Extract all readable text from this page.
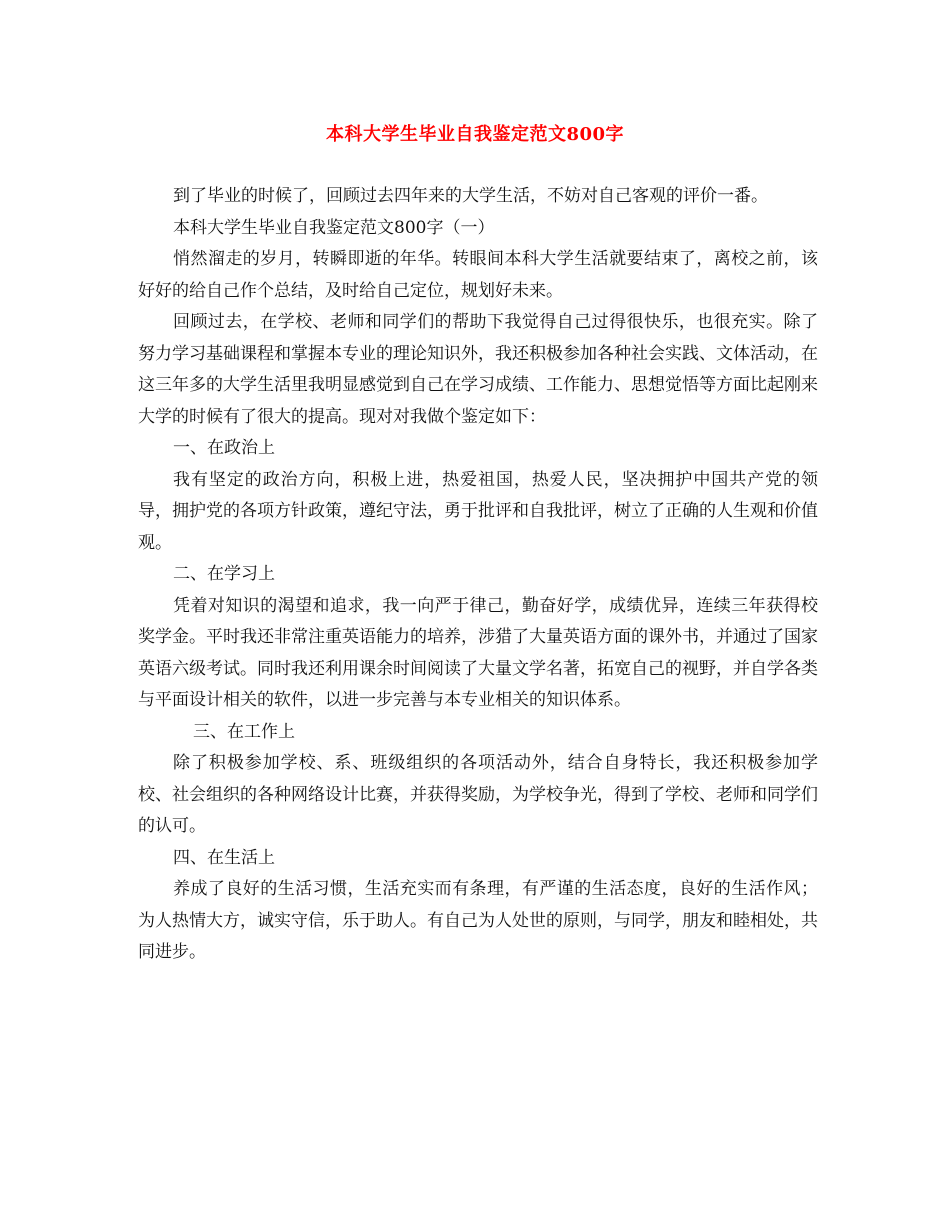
本科大学生毕业自我鉴定范文800字

到了毕业的时候了，回顾过去四年来的大学生活，不妨对自己客观的评价一番。

本科大学生毕业自我鉴定范文800字（一）

悄然溜走的岁月，转瞬即逝的年华。转眼间本科大学生活就要结束了，离校之前，该好好的给自己作个总结，及时给自己定位，规划好未来。

回顾过去，在学校、老师和同学们的帮助下我觉得自己过得很快乐，也很充实。除了努力学习基础课程和掌握本专业的理论知识外，我还积极参加各种社会实践、文体活动，在这三年多的大学生活里我明显感觉到自己在学习成绩、工作能力、思想觉悟等方面比起刚来大学的时候有了很大的提高。现对对我做个鉴定如下：

一、在政治上

我有坚定的政治方向，积极上进，热爱祖国，热爱人民，坚决拥护中国共产党的领导，拥护党的各项方针政策，遵纪守法，勇于批评和自我批评，树立了正确的人生观和价值观。

二、在学习上

凭着对知识的渴望和追求，我一向严于律己，勤奋好学，成绩优异，连续三年获得校奖学金。平时我还非常注重英语能力的培养，涉猎了大量英语方面的课外书，并通过了国家英语六级考试。同时我还利用课余时间阅读了大量文学名著，拓宽自己的视野，并自学各类与平面设计相关的软件，以进一步完善与本专业相关的知识体系。

三、在工作上

除了积极参加学校、系、班级组织的各项活动外，结合自身特长，我还积极参加学校、社会组织的各种网络设计比赛，并获得奖励，为学校争光，得到了学校、老师和同学们的认可。

四、在生活上

养成了良好的生活习惯，生活充实而有条理，有严谨的生活态度，良好的生活作风；为人热情大方，诚实守信，乐于助人。有自己为人处世的原则，与同学，朋友和睦相处，共同进步。
